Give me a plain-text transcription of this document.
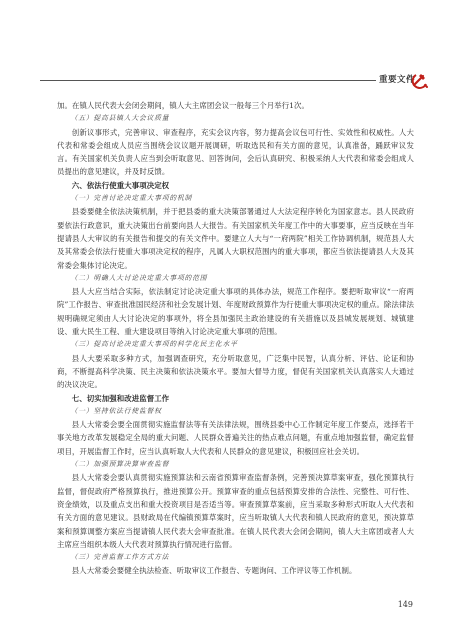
重要文件

加。在镇人民代表大会闭会期间，镇人大主席团会议一般每三个月举行1次。

（五）提高县镇人大会议质量

创新议事形式，完善审议、审查程序，充实会议内容，努力提高会议包可行性、实效性和权威性。人大代表和常委会组成人员应当围绕会议议题开展调研，听取选民和有关方面的意见，认真准备，踊跃审议发言。有关国家机关负责人应当到会听取意见、回答询问，会后认真研究、积极采纳人大代表和常委会组成人员提出的意见建议，并及时反馈。

六、依法行使重大事项决定权

（一）完善讨论决定重大事项的机制

县委要健全依法决策机制，并于把县委的重大决策部署通过人大法定程序转化为国家意志。县人民政府要依法行政意识，重大决策出台前要向县人大报告。有关国家机关年度工作中的大事要事，应当反映在当年提请县人大审议的有关报告和提交的有关文件中。要建立人大与“一府两院”相关工作协调机制，规范县人大及其常委会依法行使重大事项决定权的程序，凡属人大职权范围内的重大事项，都应当依法提请县人大及其常委会集体讨论决定。

（二）明确人大讨论决定重大事项的范围

县人大应当结合实际，依法制定讨论决定重大事项的具体办法，规范工作程序。要把听取审议“一府两院”工作报告、审查批准国民经济和社会发展计划、年度财政预算作为行使重大事项决定权的重点。除法律法规明确规定须由人大讨论决定的事项外，将全县加强民主政治建设的有关措施以及县城发展规划、城镇建设、重大民生工程、重大建设项目等纳入讨论决定重大事项的范围。

（三）提高讨论决定重大事项的科学化民主化水平

县人大要采取多种方式，加强调查研究，充分听取意见，广泛集中民智，认真分析、评估、论证和协商，不断提高科学决策、民主决策和依法决策水平。要加大督导力度，督促有关国家机关认真落实人大通过的决议决定。

七、切实加强和改进监督工作

（一）坚持依法行使监督权

县人大常委会要全面贯彻实施监督法等有关法律法规，围绕县委中心工作制定年度工作要点，选择若干事关地方改革发展稳定全局的重大问题、人民群众普遍关注的热点难点问题，有重点地加强监督，确定监督项目，开展监督工作时，应当认真听取人大代表和人民群众的意见建议，积极回应社会关切。

（二）加强预算决算审查监督

县人大常委会要认真贯彻实施预算法和云南省预算审查监督条例，完善预决算草案审查，强化预算执行监督，督促政府严格预算执行，推进预算公开。预算审查的重点包括预算安排的合法性、完整性、可行性、资金绩效，以及重点支出和重大投资项目是否适当等。审查预算草案前，应当采取多种形式听取人大代表和有关方面的意见建议。县财政局在代编镇预算草案时，应当听取镇人大代表和镇人民政府的意见，预决算草案和预算调整方案应当提请镇人民代表大会审查批准。在镇人民代表大会闭会期间，镇人大主席团或者人大主席应当组织本级人大代表对预算执行情况进行监督。

（三）完善监督工作方式方法

县人大常委会要健全执法检查、听取审议工作报告、专题询问、工作评议等工作机制。

149
